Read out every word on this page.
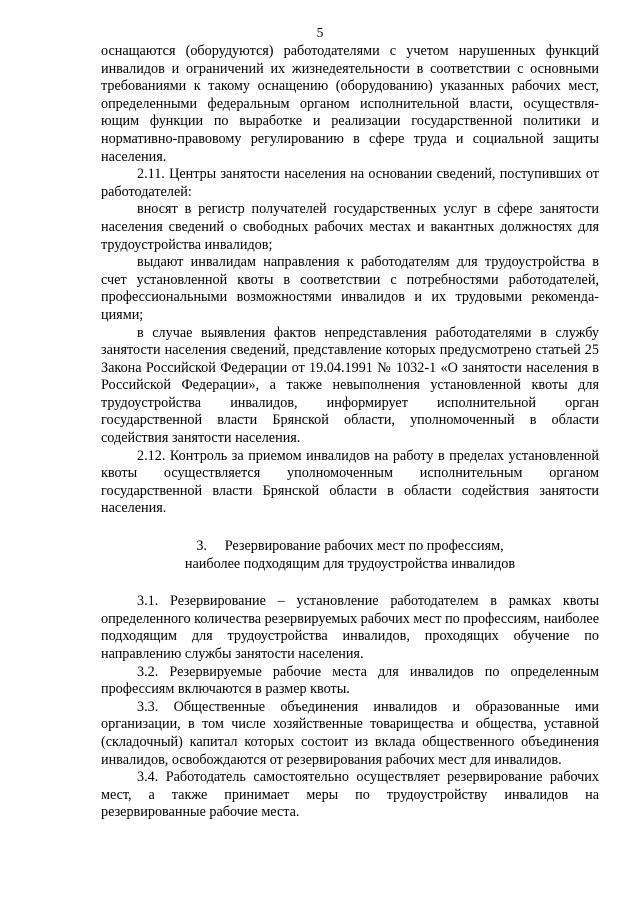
5

оснащаются (оборудуются) работодателями с учетом нарушенных функций инвалидов и ограничений их жизнедеятельности в соответствии с основными требованиями к такому оснащению (оборудованию) указанных рабочих мест, определенными федеральным органом исполнительной власти, осуществля-ющим функции по выработке и реализации государственной политики и нормативно-правовому регулированию в сфере труда и социальной защиты населения.

2.11. Центры занятости населения на основании сведений, поступивших от работодателей:

вносят в регистр получателей государственных услуг в сфере занятости населения сведений о свободных рабочих местах и вакантных должностях для трудоустройства инвалидов;

выдают инвалидам направления к работодателям для трудоустройства в счет установленной квоты в соответствии с потребностями работодателей, профессиональными возможностями инвалидов и их трудовыми рекоменда-циями;

в случае выявления фактов непредставления работодателями в службу занятости населения сведений, представление которых предусмотрено статьей 25 Закона Российской Федерации от 19.04.1991 № 1032-1 «О занятости населения в Российской Федерации», а также невыполнения установленной квоты для трудоустройства инвалидов, информирует исполнительной орган государственной власти Брянской области, уполномоченный в области содействия занятости населения.

2.12. Контроль за приемом инвалидов на работу в пределах установленной квоты осуществляется уполномоченным исполнительным органом государственной власти Брянской области в области содействия занятости населения.

3.     Резервирование рабочих мест по профессиям,
наиболее подходящим для трудоустройства инвалидов

3.1. Резервирование – установление работодателем в рамках квоты определенного количества резервируемых рабочих мест по профессиям, наиболее подходящим для трудоустройства инвалидов, проходящих обучение по направлению службы занятости населения.

3.2. Резервируемые рабочие места для инвалидов по определенным профессиям включаются в размер квоты.

3.3. Общественные объединения инвалидов и образованные ими организации, в том числе хозяйственные товарищества и общества, уставной (складочный) капитал которых состоит из вклада общественного объединения инвалидов, освобождаются от резервирования рабочих мест для инвалидов.

3.4. Работодатель самостоятельно осуществляет резервирование рабочих мест, а также принимает меры по трудоустройству инвалидов на резервированные рабочие места.
